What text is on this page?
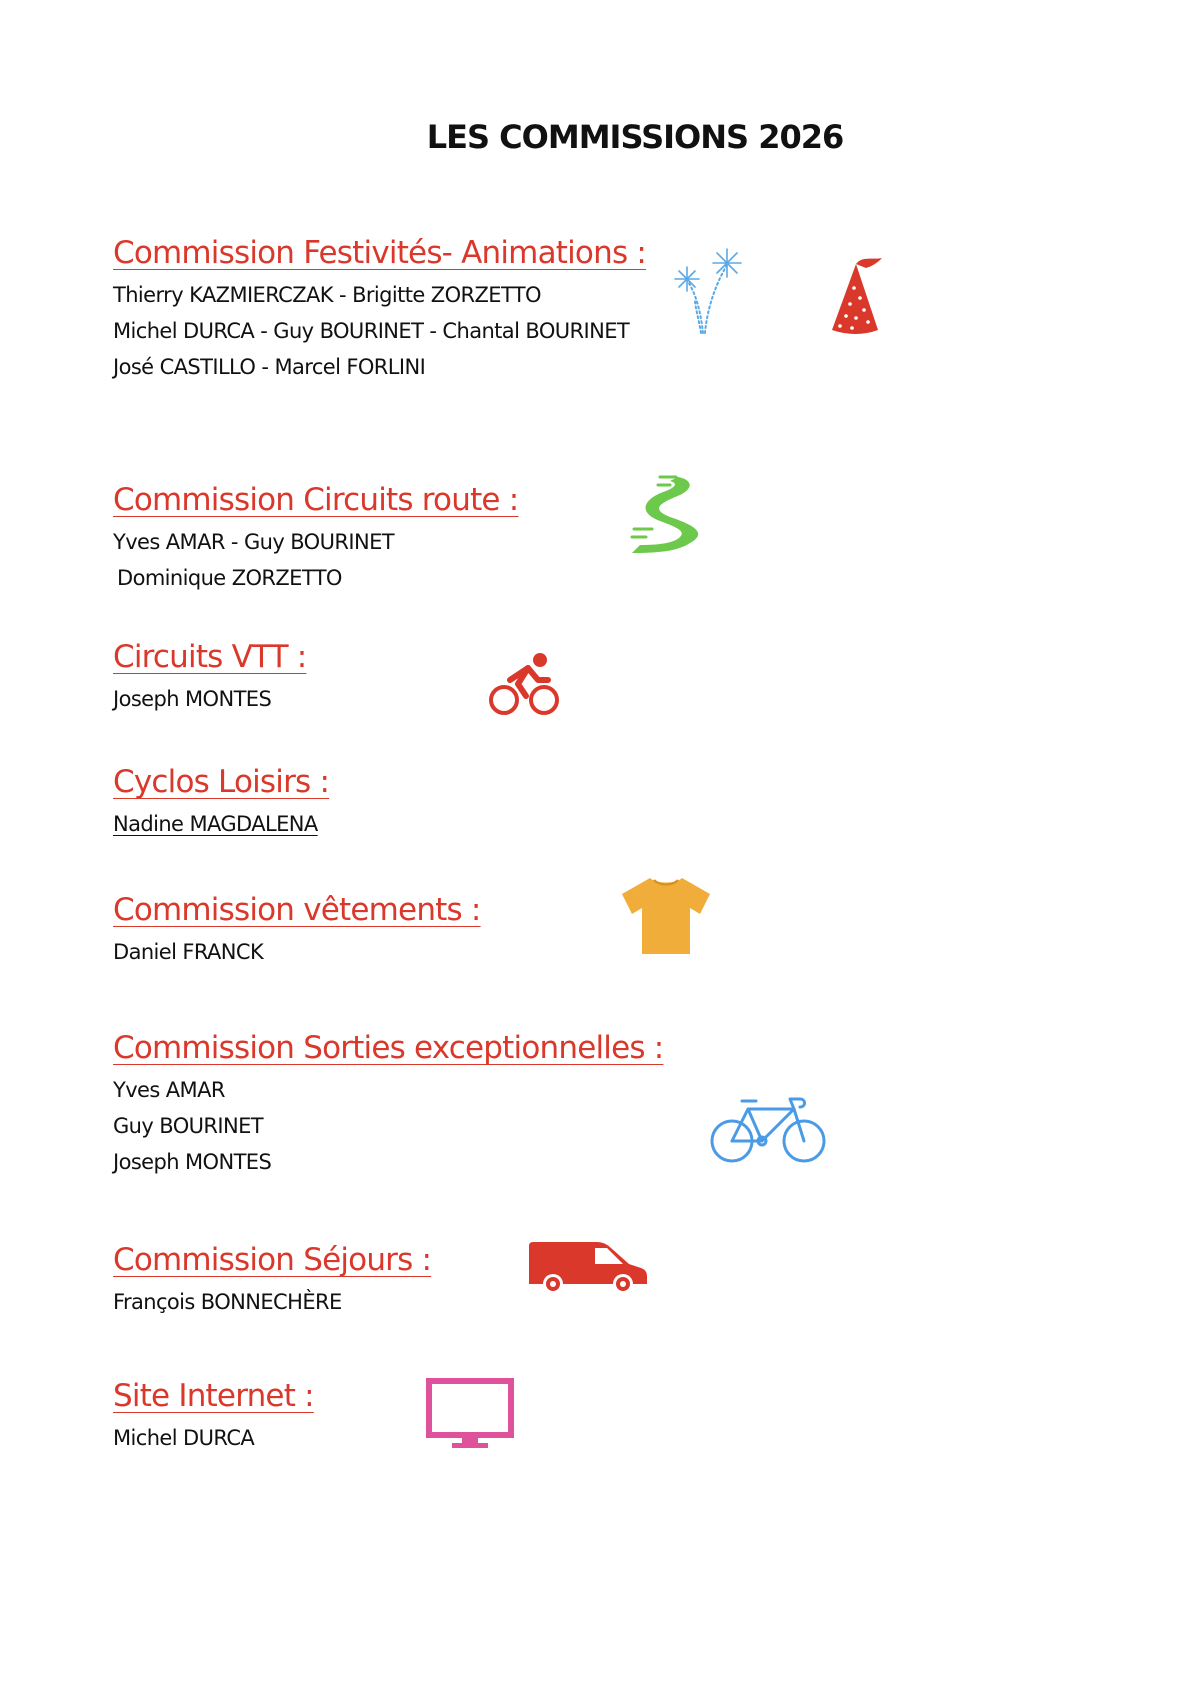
LES COMMISSIONS 2026
Commission Festivités- Animations :
Thierry KAZMIERCZAK - Brigitte ZORZETTO
Michel DURCA - Guy BOURINET - Chantal BOURINET
José CASTILLO - Marcel FORLINI
Commission Circuits route :
Yves AMAR - Guy BOURINET
Dominique ZORZETTO
Circuits VTT :
Joseph MONTES
Cyclos Loisirs :
Nadine MAGDALENA
Commission vêtements :
Daniel FRANCK
Commission Sorties exceptionnelles :
Yves AMAR
Guy BOURINET
Joseph MONTES
Commission Séjours :
François BONNECHÈRE
Site Internet :
Michel DURCA
